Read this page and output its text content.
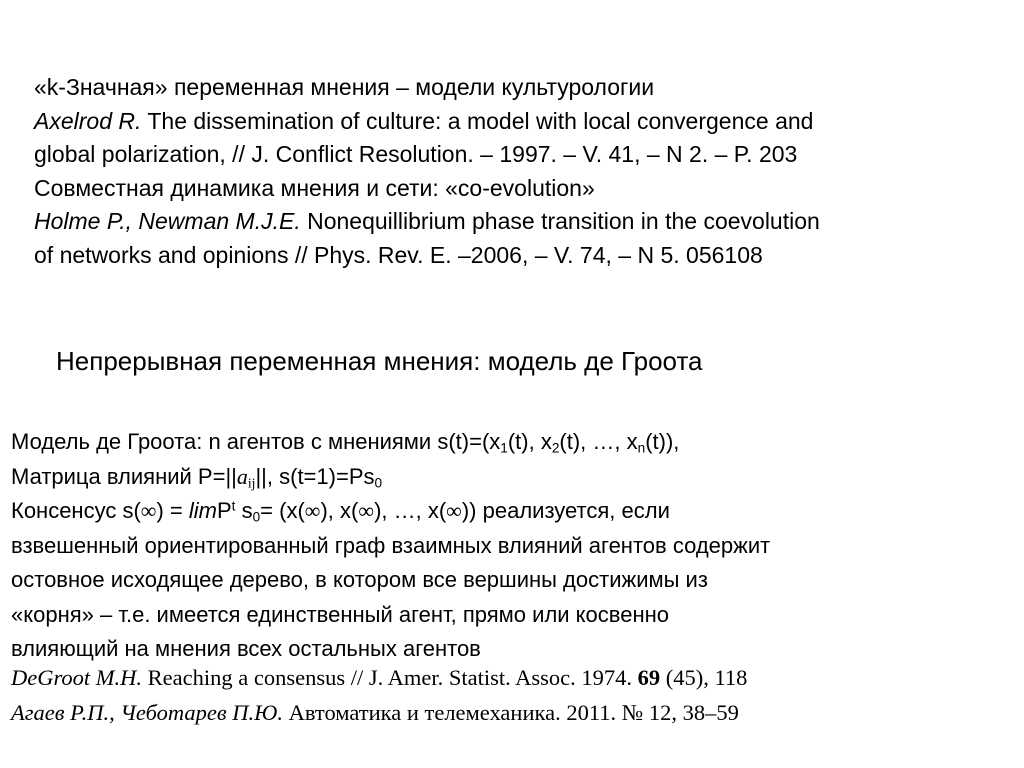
«k-Значная» переменная мнения – модели культурологии
Axelrod R. The dissemination of culture: a model with local convergence and
global polarization, // J. Conflict Resolution. – 1997. – V. 41, – N 2. – P. 203
Совместная динамика мнения и сети: «co-evolution»
Holme P., Newman M.J.E. Nonequillibrium phase transition in the coevolution
of networks and opinions // Phys. Rev. E. –2006, – V. 74, – N 5. 056108
Непрерывная переменная мнения: модель де Гроота
Модель де Гроота: n агентов с мнениями $s(t)=(x_1(t)$, $x_2(t)$, …, $x_n(t)$),
Матрица влияний $P=||a_{ij}||$, $s(t=1)=Ps_0$
Консенсус s(∞) = limP$^t$ $s_0= (x(\infty)$, x(∞), …, x(∞)) реализуется, если
взвешенный ориентированный граф взаимных влияний агентов содержит
остовное исходящее дерево, в котором все вершины достижимы из
«корня» – т.е. имеется единственный агент, прямо или косвенно
влияющий на мнения всех остальных агентов
DeGroot M.H. Reaching a consensus // J. Amer. Statist. Assoc. 1974. 69 (45), 118
Агаев Р.П., Чеботарев П.Ю. Автоматика и телемеханика. 2011. № 12, 38–59
